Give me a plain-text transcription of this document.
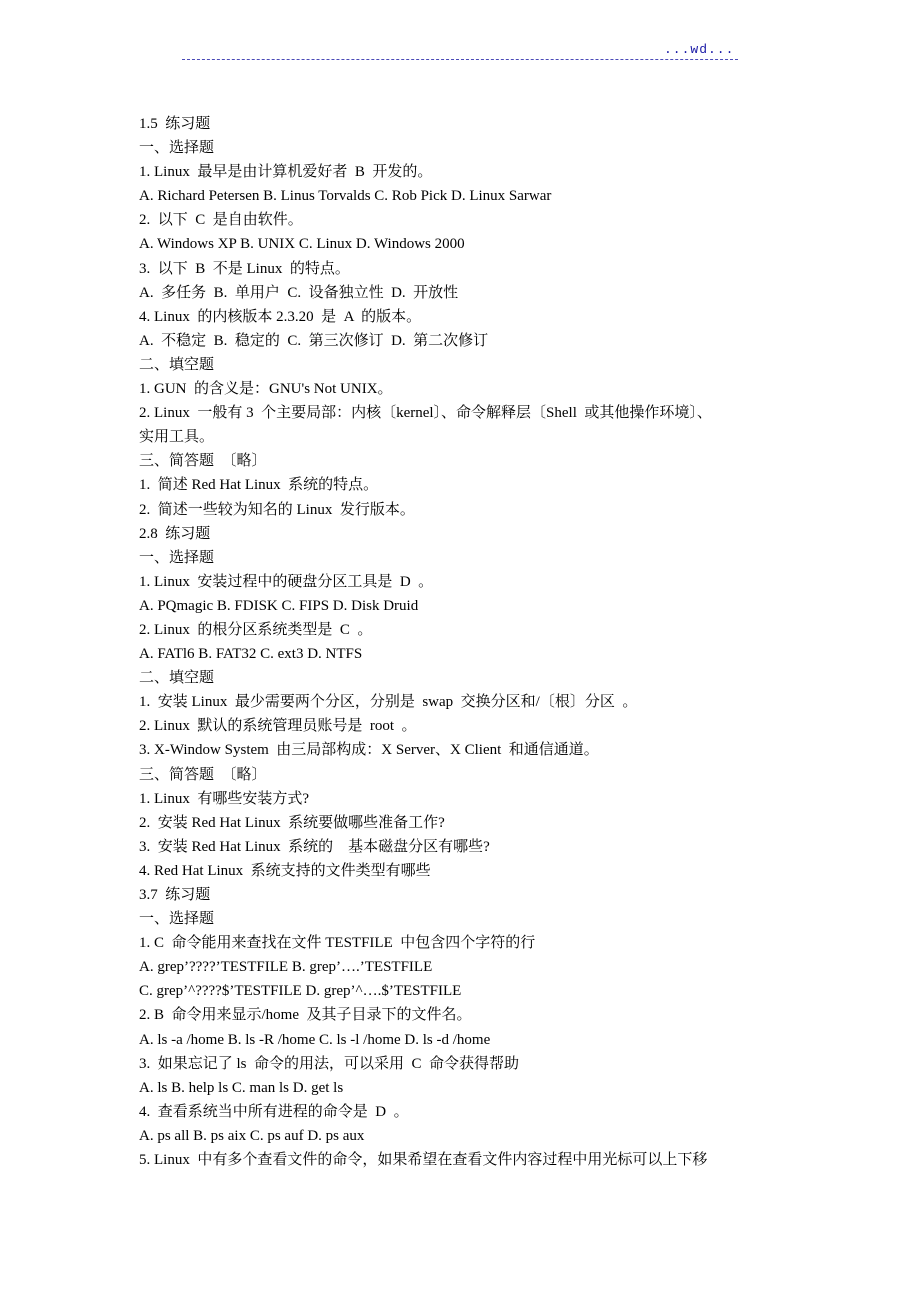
...wd...
1.5  练习题
一、选择题
1. Linux  最早是由计算机爱好者  B  开发的。
A. Richard Petersen B. Linus Torvalds C. Rob Pick D. Linux Sarwar
2.  以下  C  是自由软件。
A. Windows XP B. UNIX C. Linux D. Windows 2000
3.  以下  B  不是 Linux  的特点。
A.  多任务  B.  单用户  C.  设备独立性  D.  开放性
4. Linux  的内核版本 2.3.20  是  A  的版本。
A.  不稳定  B.  稳定的  C.  第三次修订  D.  第二次修订
二、填空题
1. GUN  的含义是：GNU's Not UNIX。
2. Linux  一般有 3  个主要局部：内核〔kernel〕、命令解释层〔Shell  或其他操作环境〕、
实用工具。
三、简答题  〔略〕
1.  简述 Red Hat Linux  系统的特点。
2.  简述一些较为知名的 Linux  发行版本。
2.8  练习题
一、选择题
1. Linux  安装过程中的硬盘分区工具是  D  。
A. PQmagic B. FDISK C. FIPS D. Disk Druid
2. Linux  的根分区系统类型是  C  。
A. FATl6 B. FAT32 C. ext3 D. NTFS
二、填空题
1.  安装 Linux  最少需要两个分区，分别是  swap  交换分区和/〔根〕分区  。
2. Linux  默认的系统管理员账号是  root  。
3. X-Window System  由三局部构成：X Server、X Client  和通信通道。
三、简答题  〔略〕
1. Linux  有哪些安装方式?
2.  安装 Red Hat Linux  系统要做哪些准备工作?
3.  安装 Red Hat Linux  系统的    基本磁盘分区有哪些?
4. Red Hat Linux  系统支持的文件类型有哪些
3.7  练习题
一、选择题
1. C  命令能用来查找在文件 TESTFILE  中包含四个字符的行
A. grep’????’TESTFILE B. grep’….’TESTFILE
C. grep’^????$’TESTFILE D. grep’^….$’TESTFILE
2. B  命令用来显示/home  及其子目录下的文件名。
A. ls -a /home B. ls -R /home C. ls -l /home D. ls -d /home
3.  如果忘记了 ls  命令的用法，可以采用  C  命令获得帮助
A. ls B. help ls C. man ls D. get ls
4.  查看系统当中所有进程的命令是  D  。
A. ps all B. ps aix C. ps auf D. ps aux
5. Linux  中有多个查看文件的命令，如果希望在查看文件内容过程中用光标可以上下移
